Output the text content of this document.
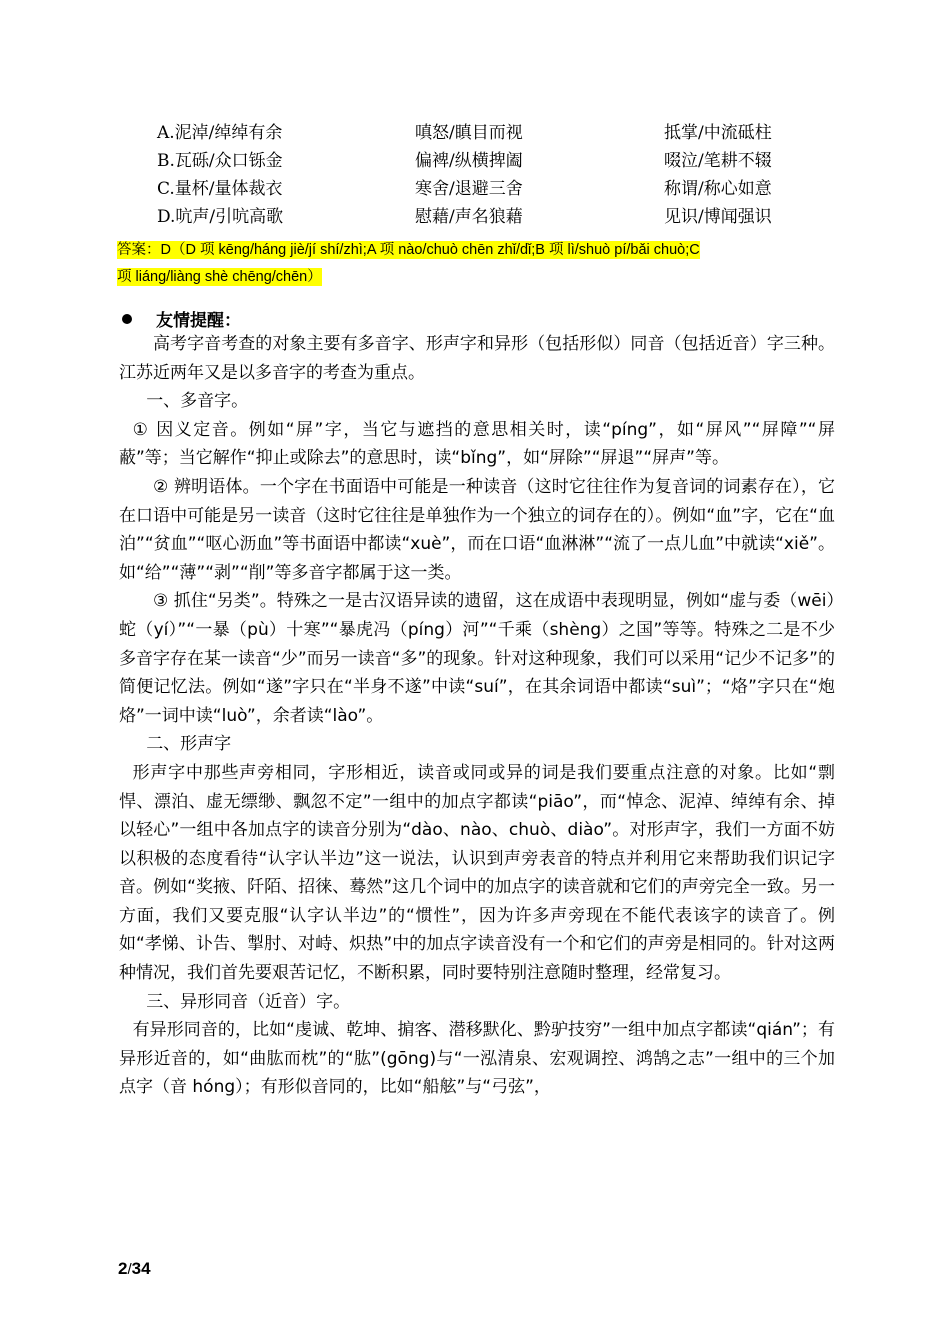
A.泥淖/绰绰有余	嗔怒/瞋目而视	抵掌/中流砥柱
B.瓦砾/众口铄金	偏裨/纵横捭阖	啜泣/笔耕不辍
C.量杯/量体裁衣	寒舍/退避三舍	称谓/称心如意
D.吭声/引吭高歌	慰藉/声名狼藉	见识/博闻强识
答案：D（D 项 kēng/háng jiè/jí shí/zhì;A 项 nào/chuò chēn zhǐ/dǐ;B 项 lì/shuò pí/bǎi chuò;C
项 liáng/liàng shè chēng/chēn）
友情提醒：

高考字音考查的对象主要有多音字、形声字和异形（包括形似）同音（包括近音）字三种。江苏近两年又是以多音字的考查为重点。

一、多音字。

① 因义定音。例如“屏”字，当它与遮挡的意思相关时，读“píng”，如“屏风”“屏障”“屏蔽”等；当它解作“抑止或除去”的意思时，读“bǐng”，如“屏除”“屏退”“屏声”等。

② 辨明语体。一个字在书面语中可能是一种读音（这时它往往作为复音词的词素存在），它在口语中可能是另一读音（这时它往往是单独作为一个独立的词存在的）。例如“血”字，它在“血泊”“贫血”“呕心沥血”等书面语中都读“xuè”，而在口语“血淋淋”“流了一点儿血”中就读“xiě”。如“给”“薄”“剥”“削”等多音字都属于这一类。

③ 抓住“另类”。特殊之一是古汉语异读的遗留，这在成语中表现明显，例如“虚与委（wēi）蛇（yí）”“一暴（pù）十寒”“暴虎冯（píng）河”“千乘（shèng）之国”等等。特殊之二是不少多音字存在某一读音“少”而另一读音“多”的现象。针对这种现象，我们可以采用“记少不记多”的简便记忆法。例如“遂”字只在“半身不遂”中读“suí”，在其余词语中都读“suì”；“烙”字只在“炮烙”一词中读“luò”，余者读“lào”。

二、形声字

形声字中那些声旁相同，字形相近，读音或同或异的词是我们要重点注意的对象。比如“剽悍、漂泊、虚无缥缈、飘忽不定”一组中的加点字都读“piāo”，而“悼念、泥淖、绰绰有余、掉以轻心”一组中各加点字的读音分别为“dào、nào、chuò、diào”。对形声字，我们一方面不妨以积极的态度看待“认字认半边”这一说法，认识到声旁表音的特点并利用它来帮助我们识记字音。例如“奖掖、阡陌、招徕、蓦然”这几个词中的加点字的读音就和它们的声旁完全一致。另一方面，我们又要克服“认字认半边”的“惯性”，因为许多声旁现在不能代表该字的读音了。例如“孝悌、讣告、掣肘、对峙、炽热”中的加点字读音没有一个和它们的声旁是相同的。针对这两种情况，我们首先要艰苦记忆，不断积累，同时要特别注意随时整理，经常复习。

三、异形同音（近音）字。

有异形同音的，比如“虔诚、乾坤、掮客、潜移默化、黔驴技穷”一组中加点字都读“qián”；有异形近音的，如“曲肱而枕”的“肱”(gōng)与“一泓清泉、宏观调控、鸿鹄之志”一组中的三个加点字（音 hóng）；有形似音同的，比如“船舷”与“弓弦”，

2/34
